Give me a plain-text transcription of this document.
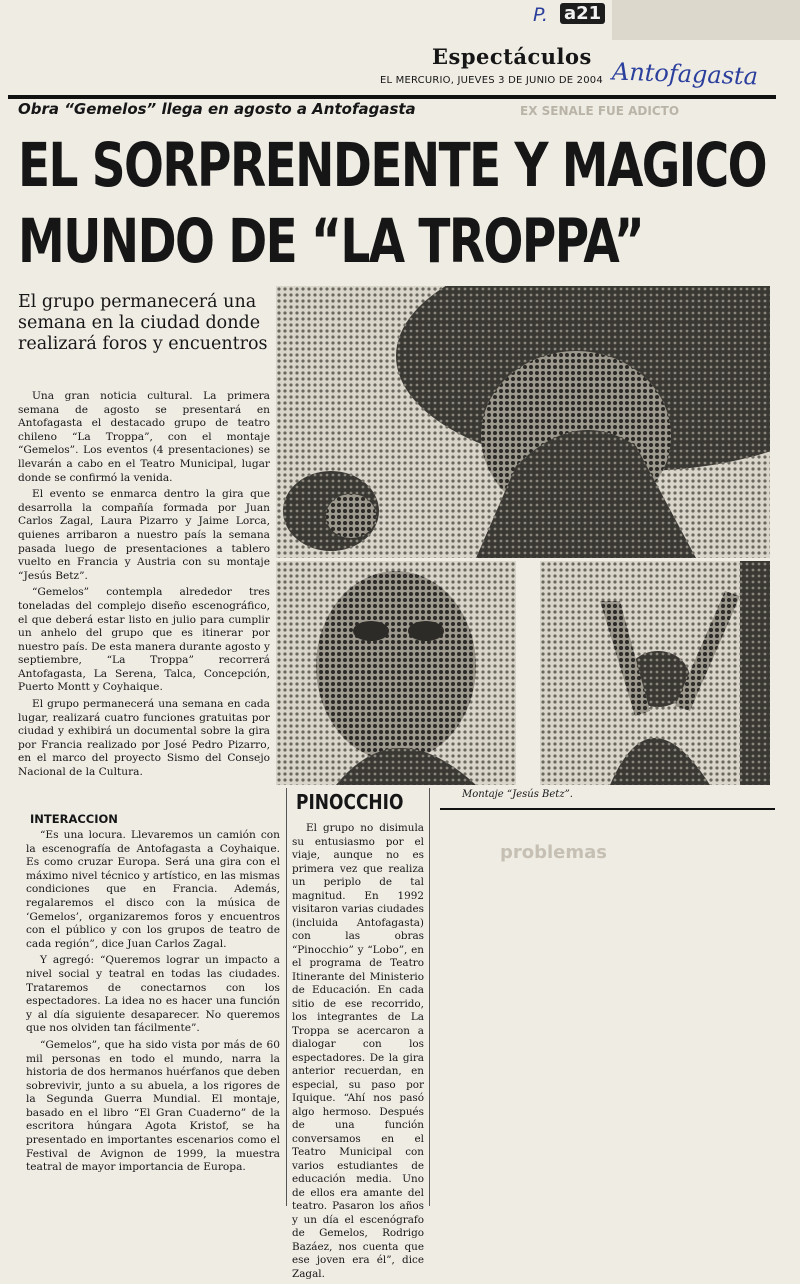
P. a21
Espectáculos
Antofagasta
EL MERCURIO, JUEVES 3 DE JUNIO DE 2004
Obra “Gemelos” llega en agosto a Antofagasta	EX SENALE FUE ADICTO
EL SORPRENDENTE Y MAGICO
MUNDO DE “LA TROPPA”
El grupo permanecerá una semana en la ciudad donde realizará foros y encuentros

Una gran noticia cultural. La primera semana de agosto se presentará en Antofagasta el destacado grupo de teatro chileno “La Troppa”, con el montaje “Gemelos”. Los eventos (4 presentaciones) se llevarán a cabo en el Teatro Municipal, lugar donde se confirmó la venida.

El evento se enmarca dentro la gira que desarrolla la compañía formada por Juan Carlos Zagal, Laura Pizarro y Jaime Lorca, quienes arribaron a nuestro país la semana pasada luego de presentaciones a tablero vuelto en Francia y Austria con su montaje “Jesús Betz”.

“Gemelos” contempla alrededor tres toneladas del complejo diseño escenográfico, el que deberá estar listo en julio para cumplir un anhelo del grupo que es itinerar por nuestro país. De esta manera durante agosto y septiembre, “La Troppa” recorrerá Antofagasta, La Serena, Talca, Concepción, Puerto Montt y Coyhaique.

El grupo permanecerá una semana en cada lugar, realizará cuatro funciones gratuitas por ciudad y exhibirá un documental sobre la gira por Francia realizado por José Pedro Pizarro, en el marco del proyecto Sismo del Consejo Nacional de la Cultura.

INTERACCION

“Es una locura. Llevaremos un camión con la escenografía de Antofagasta a Coyhaique. Es como cruzar Europa. Será una gira con el máximo nivel técnico y artístico, en las mismas condiciones que en Francia. Además, regalaremos el disco con la música de ‘Gemelos’, organizaremos foros y encuentros con el público y con los grupos de teatro de cada región”, dice Juan Carlos Zagal.

Y agregó: “Queremos lograr un impacto a nivel social y teatral en todas las ciudades. Trataremos de conectarnos con los espectadores. La idea no es hacer una función y al día siguiente desaparecer. No queremos que nos olviden tan fácilmente”.

“Gemelos”, que ha sido vista por más de 60 mil personas en todo el mundo, narra la historia de dos hermanos huérfanos que deben sobrevivir, junto a su abuela, a los rigores de la Segunda Guerra Mundial. El montaje, basado en el libro “El Gran Cuaderno” de la escritora húngara Agota Kristof, se ha presentado en importantes escenarios como el Festival de Avignon de 1999, la muestra teatral de mayor importancia de Europa.

Montaje “Jesús Betz”.
problemas
PINOCCHIO

El grupo no disimula su entusiasmo por el viaje, aunque no es primera vez que realiza un periplo de tal magnitud. En 1992 visitaron varias ciudades (incluida Antofagasta) con las obras “Pinocchio” y “Lobo”, en el programa de Teatro Itinerante del Ministerio de Educación. En cada sitio de ese recorrido, los integrantes de La Troppa se acercaron a dialogar con los espectadores. De la gira anterior recuerdan, en especial, su paso por Iquique. “Ahí nos pasó algo hermoso. Después de una función conversamos en el Teatro Municipal con varios estudiantes de educación media. Uno de ellos era amante del teatro. Pasaron los años y un día el escenógrafo de Gemelos, Rodrigo Bazáez, nos cuenta que ese joven era él”, dice Zagal.
